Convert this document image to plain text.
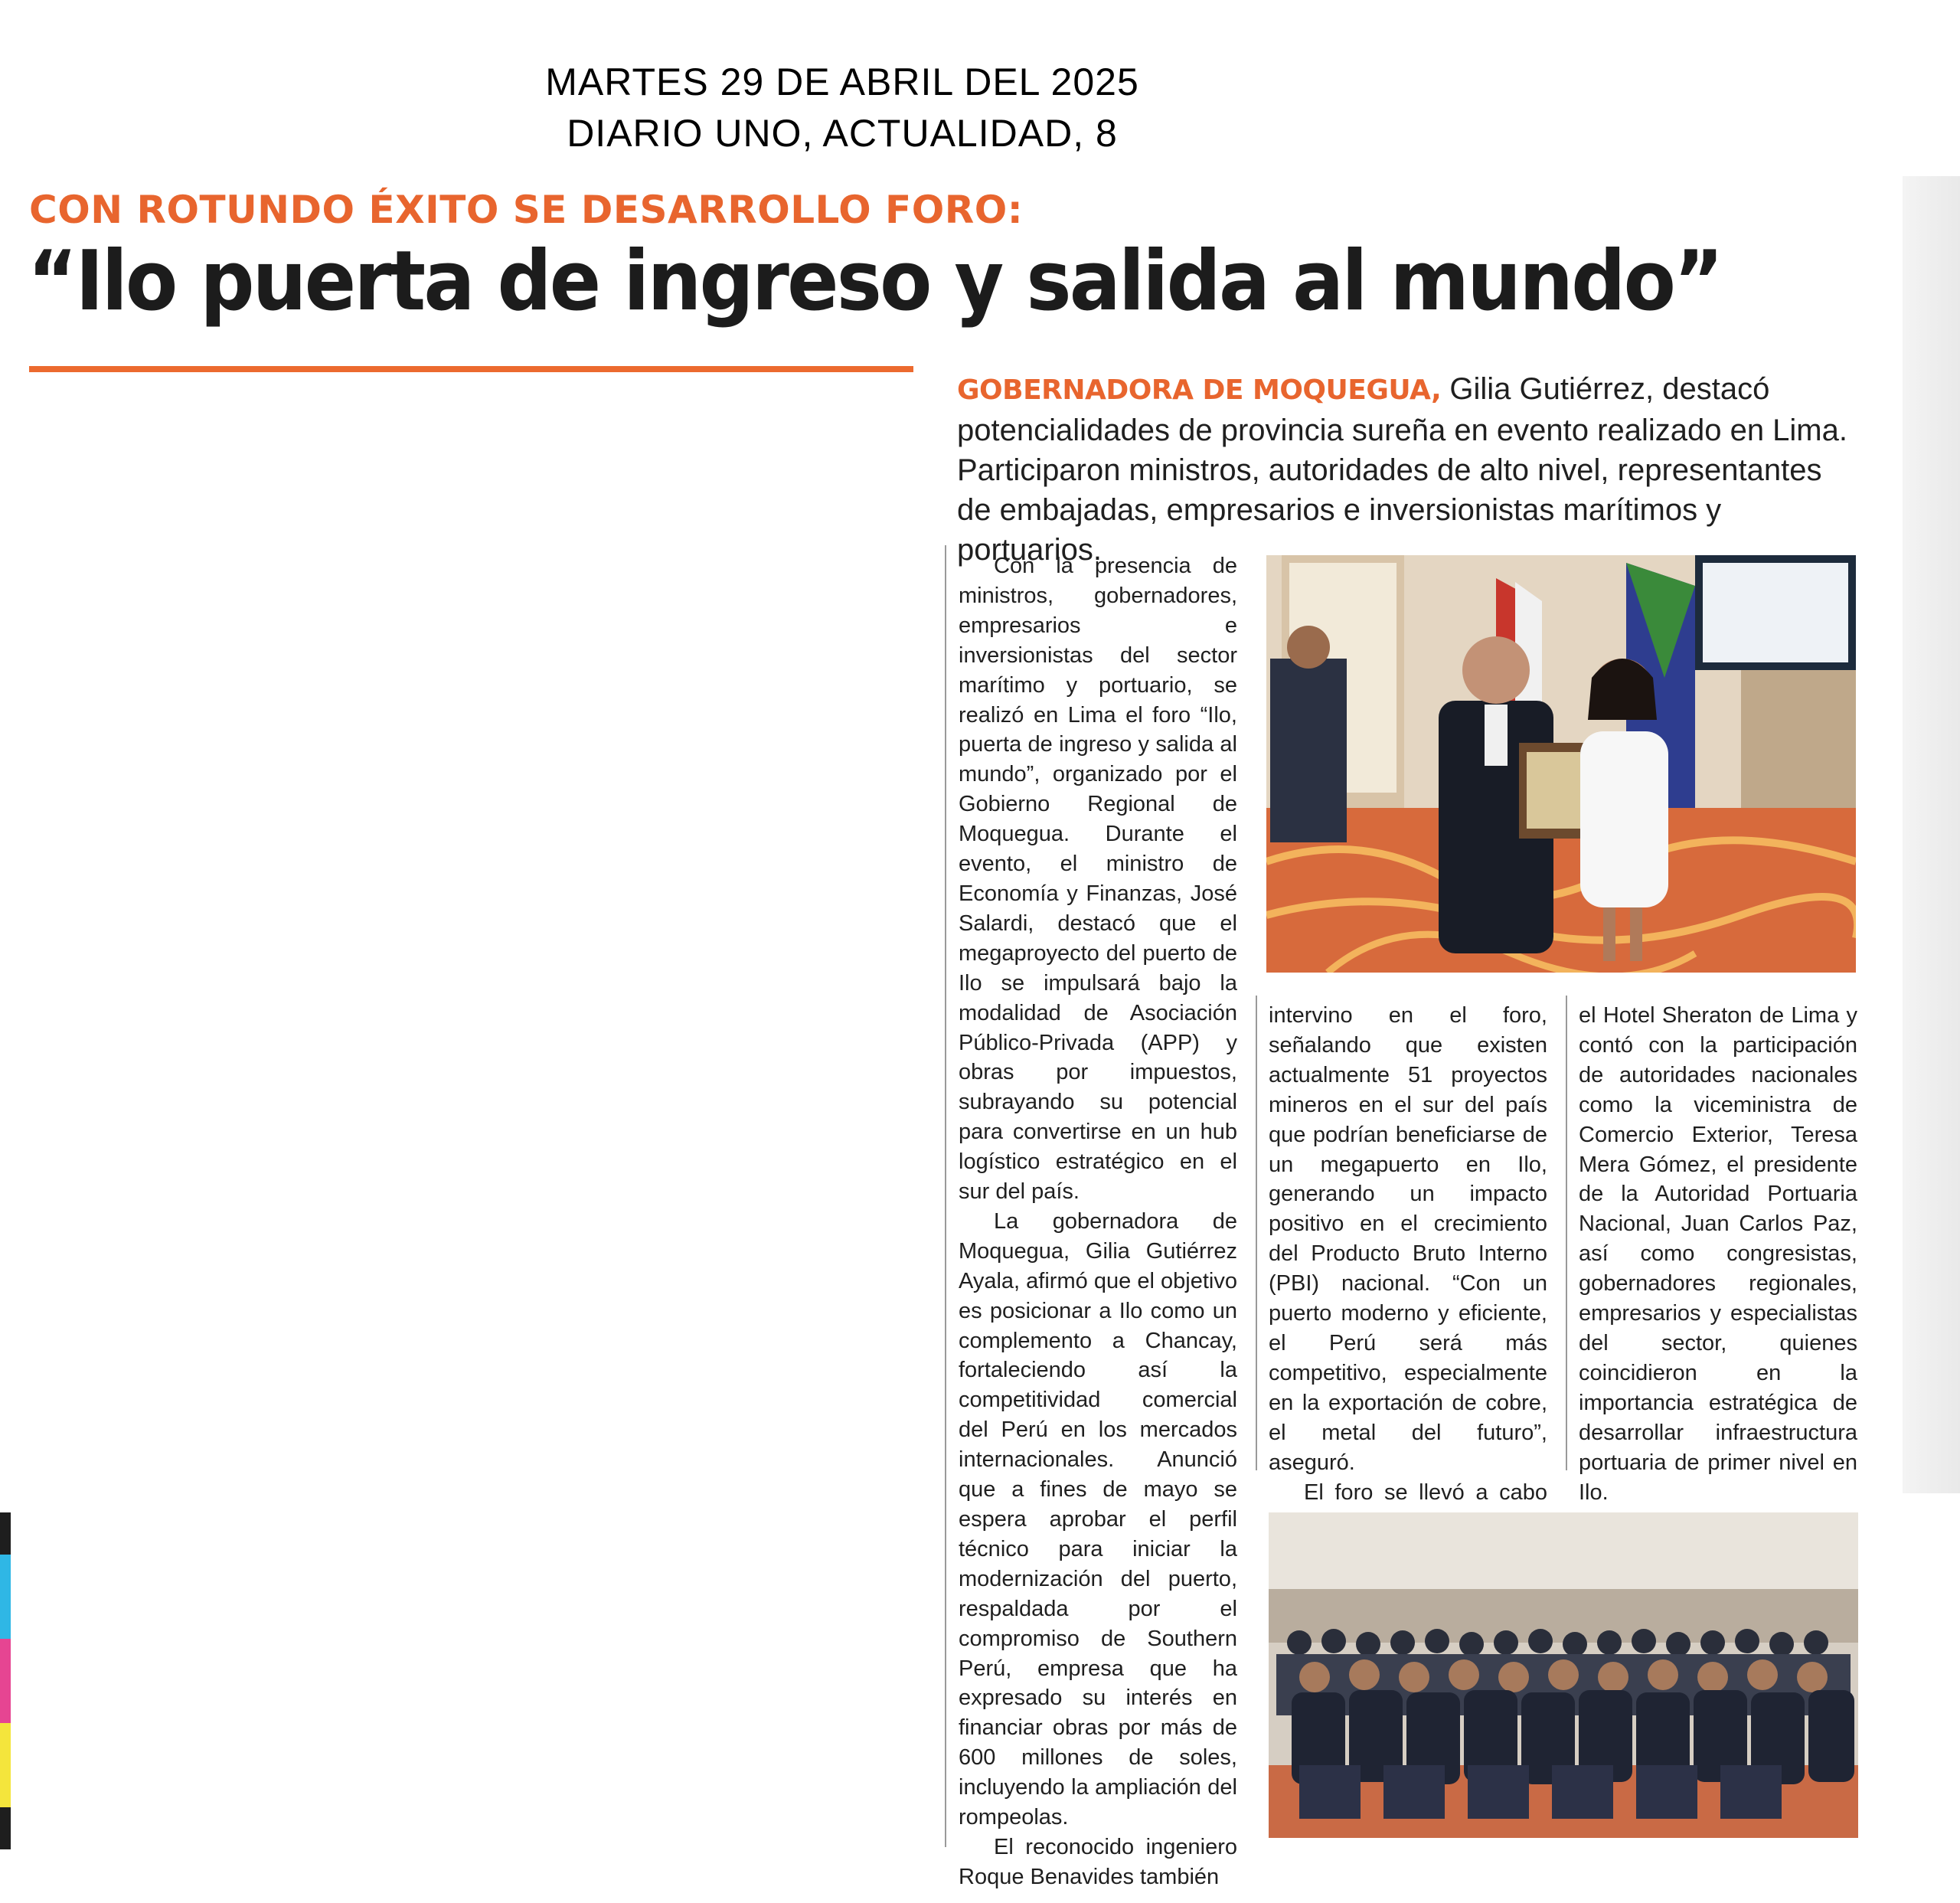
MARTES 29 DE ABRIL DEL 2025
DIARIO UNO, ACTUALIDAD, 8
CON ROTUNDO ÉXITO SE DESARROLLO FORO:
“Ilo puerta de ingreso y salida al mundo”
GOBERNADORA DE MOQUEGUA, Gilia Gutiérrez, destacó potencialidades de provincia sureña en evento realizado en Lima. Participaron ministros, autoridades de alto nivel, representantes de embajadas, empresarios e inversionistas marítimos y portuarios.

Con la presencia de ministros, gobernadores, empresarios e inversionistas del sector marítimo y portuario, se realizó en Lima el foro “Ilo, puerta de ingreso y salida al mundo”, organizado por el Gobierno Regional de Moquegua. Durante el evento, el ministro de Economía y Finanzas, José Salardi, destacó que el megaproyecto del puerto de Ilo se impulsará bajo la modalidad de Asociación Público-Privada (APP) y obras por impuestos, subrayando su potencial para convertirse en un hub logístico estratégico en el sur del país.

La gobernadora de Moquegua, Gilia Gutiérrez Ayala, afirmó que el objetivo es posicionar a Ilo como un complemento a Chancay, fortaleciendo así la competitividad comercial del Perú en los mercados internacionales. Anunció que a fines de mayo se espera aprobar el perfil técnico para iniciar la modernización del puerto, respaldada por el compromiso de Southern Perú, empresa que ha expresado su interés en financiar obras por más de 600 millones de soles, incluyendo la ampliación del rompeolas.

El reconocido ingeniero Roque Benavides también

intervino en el foro, señalando que existen actualmente 51 proyectos mineros en el sur del país que podrían beneficiarse de un megapuerto en Ilo, generando un impacto positivo en el crecimiento del Producto Bruto Interno (PBI) nacional. “Con un puerto moderno y eficiente, el Perú será más competitivo, especialmente en la exportación de cobre, el metal del futuro”, aseguró.

El foro se llevó a cabo

el Hotel Sheraton de Lima y contó con la participación de autoridades nacionales como la viceministra de Comercio Exterior, Teresa Mera Gómez, el presidente de la Autoridad Portuaria Nacional, Juan Carlos Paz, así como congresistas, gobernadores regionales, empresarios y especialistas del sector, quienes coincidieron en la importancia estratégica de desarrollar infraestructura portuaria de primer nivel en Ilo.
